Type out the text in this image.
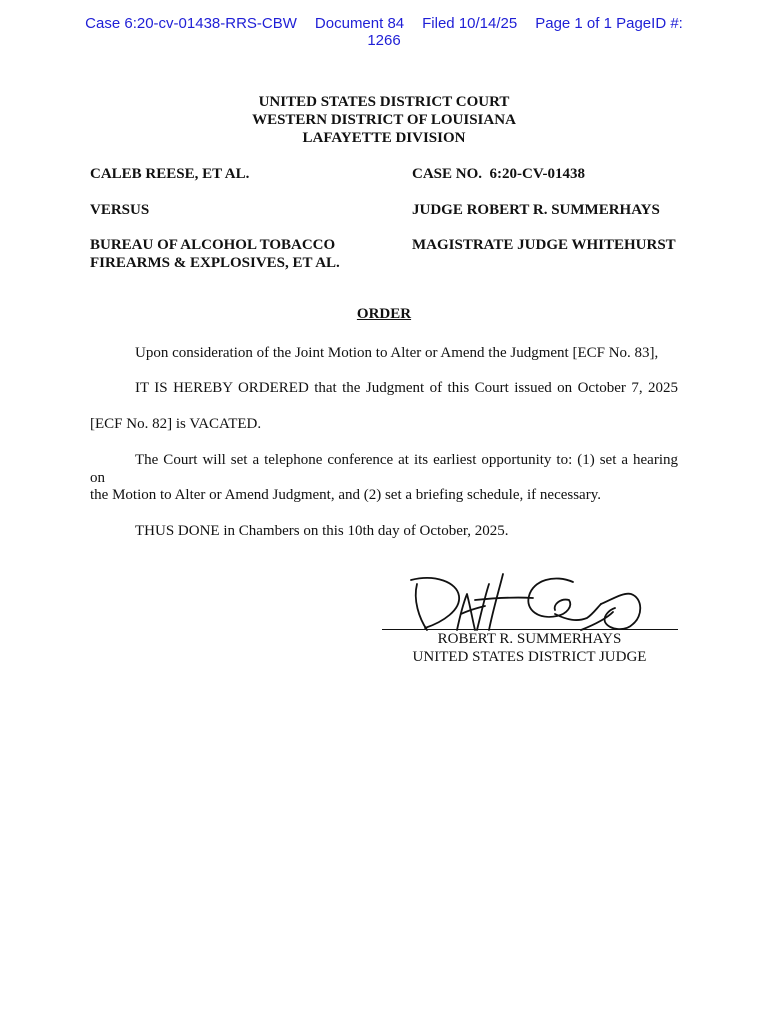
Case 6:20-cv-01438-RRS-CBW Document 84 Filed 10/14/25 Page 1 of 1 PageID #:
1266
UNITED STATES DISTRICT COURT
WESTERN DISTRICT OF LOUISIANA
LAFAYETTE DIVISION
CALEB REESE, ET AL.
VERSUS
BUREAU OF ALCOHOL TOBACCO
FIREARMS & EXPLOSIVES, ET AL.
CASE NO.  6:20-CV-01438
JUDGE ROBERT R. SUMMERHAYS
MAGISTRATE JUDGE WHITEHURST
ORDER
Upon consideration of the Joint Motion to Alter or Amend the Judgment [ECF No. 83],
IT IS HEREBY ORDERED that the Judgment of this Court issued on October 7, 2025
[ECF No. 82] is VACATED.
The Court will set a telephone conference at its earliest opportunity to: (1) set a hearing on
the Motion to Alter or Amend Judgment, and (2) set a briefing schedule, if necessary.
THUS DONE in Chambers on this 10th day of October, 2025.
ROBERT R. SUMMERHAYS
UNITED STATES DISTRICT JUDGE
